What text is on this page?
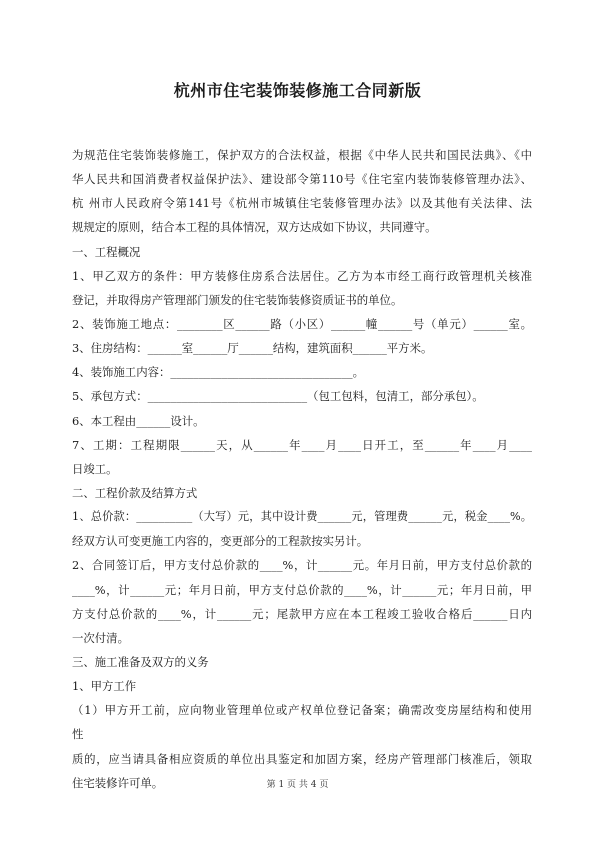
杭州市住宅装饰装修施工合同新版
为规范住宅装饰装修施工，保护双方的合法权益，根据《中华人民共和国民法典》、《中
华人民共和国消费者权益保护法》、建设部令第110号《住宅室内装饰装修管理办法》、
杭 州市人民政府令第141号《杭州市城镇住宅装修管理办法》以及其他有关法律、法
规规定的原则，结合本工程的具体情况，双方达成如下协议，共同遵守。
一、工程概况
1、甲乙双方的条件：甲方装修住房系合法居住。乙方为本市经工商行政管理机关核准
登记，并取得房产管理部门颁发的住宅装饰装修资质证书的单位。
2、装饰施工地点：________区______路（小区）______幢______号（单元）______室。
3、住房结构：______室______厅______结构，建筑面积______平方米。
4、装饰施工内容：________________________________。
5、承包方式：____________________________（包工包料，包清工，部分承包）。
6、本工程由______设计。
7、工期：工程期限______天，从______年____月____日开工，至______年____月____
日竣工。
二、工程价款及结算方式
1、总价款：__________（大写）元，其中设计费______元，管理费______元，税金____%。
经双方认可变更施工内容的，变更部分的工程款按实另计。
2、合同签订后，甲方支付总价款的____%，计______元。年月日前，甲方支付总价款的
____%，计______元；年月日前，甲方支付总价款的____%，计______元；年月日前，甲
方支付总价款的____%，计______元；尾款甲方应在本工程竣工验收合格后______日内
一次付清。
三、施工准备及双方的义务
1、甲方工作
（1）甲方开工前，应向物业管理单位或产权单位登记备案；确需改变房屋结构和使用
性
质的，应当请具备相应资质的单位出具鉴定和加固方案，经房产管理部门核准后，领取
住宅装修许可单。	第 1 页 共 4 页
